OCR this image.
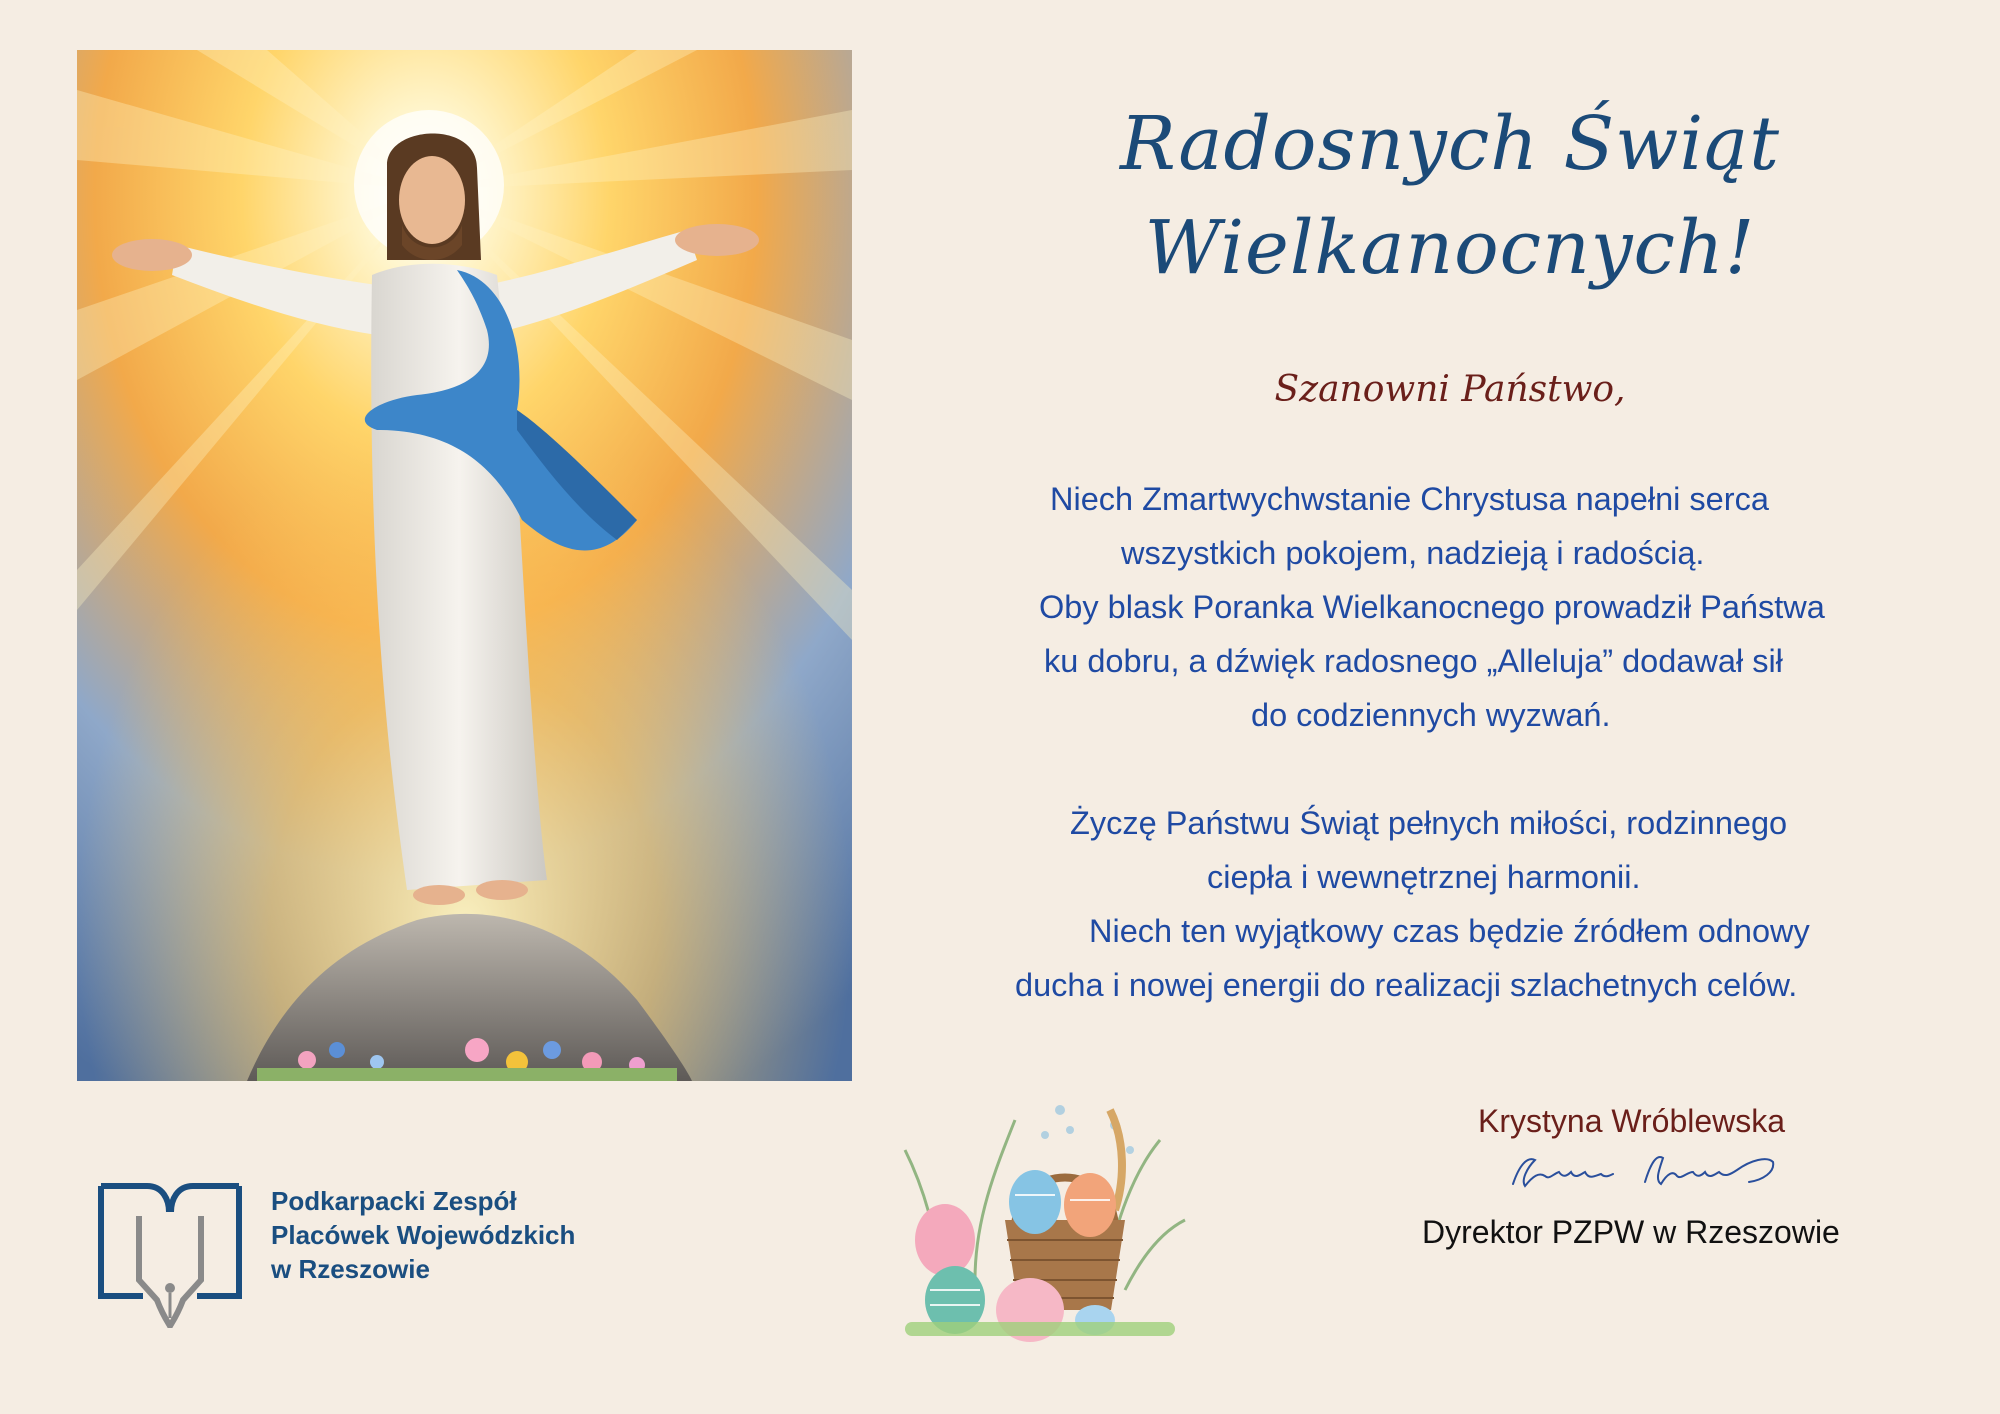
Radosnych Świąt
Wielkanocnych!

Szanowni Państwo,

Niech Zmartwychwstanie Chrystusa napełni serca
wszystkich pokojem, nadzieją i radością.
Oby blask Poranka Wielkanocnego prowadził Państwa
ku dobru, a dźwięk radosnego „Alleluja” dodawał sił
do codziennych wyzwań.
Życzę Państwu Świąt pełnych miłości, rodzinnego
ciepła i wewnętrznej harmonii.
Niech ten wyjątkowy czas będzie źródłem odnowy
ducha i nowej energii do realizacji szlachetnych celów.
Krystyna Wróblewska
Dyrektor PZPW w Rzeszowie
Podkarpacki Zespół
Placówek Wojewódzkich
w Rzeszowie
